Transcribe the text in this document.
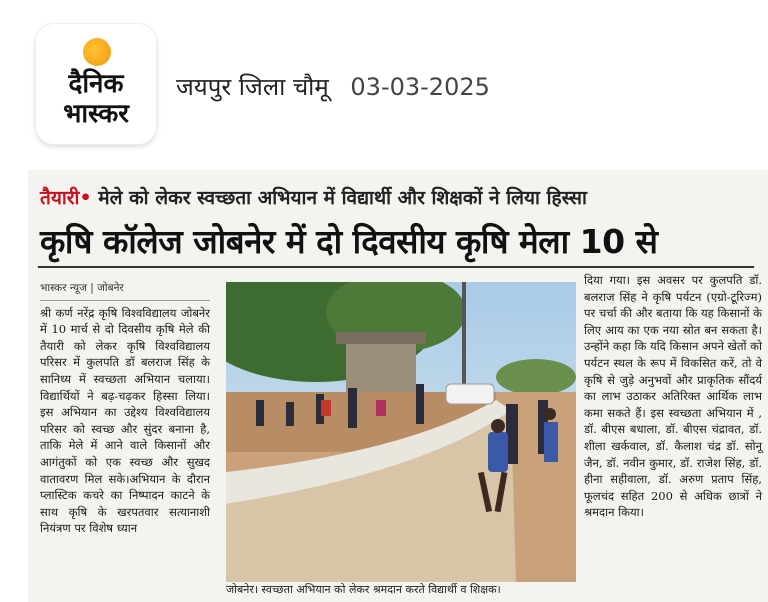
दैनिक
भास्कर
जयपुर जिला चौमू 03-03-2025
तैयारी• मेले को लेकर स्वच्छता अभियान में विद्यार्थी और शिक्षकों ने लिया हिस्सा
कृषि कॉलेज जोबनेर में दो दिवसीय कृषि मेला 10 से
भास्कर न्यूज | जोबनेर
श्री कर्ण नरेंद्र कृषि विश्वविद्यालय जोबनेर में 10 मार्च से दो दिवसीय कृषि मेले की तैयारी को लेकर कृषि विश्वविद्यालय परिसर में कुलपति डॉ बलराज सिंह के सानिध्य में स्वच्छता अभियान चलाया। विद्यार्थियों ने बढ़-चढ़कर हिस्सा लिया। इस अभियान का उद्देश्य विश्वविद्यालय परिसर को स्वच्छ और सुंदर बनाना है, ताकि मेले में आने वाले किसानों और आगंतुकों को एक स्वच्छ और सुखद वातावरण मिल सके।अभियान के दौरान प्लास्टिक कचरे का निष्पादन काटने के साथ कृषि के खरपतवार सत्यानाशी नियंत्रण पर विशेष ध्यान
जोबनेर। स्वच्छता अभियान को लेकर श्रमदान करते विद्यार्थी व शिक्षक।
दिया गया। इस अवसर पर कुलपति डॉ. बलराज सिंह ने कृषि पर्यटन (एग्रो-टूरिज्म) पर चर्चा की और बताया कि यह किसानों के लिए आय का एक नया स्रोत बन सकता है। उन्होंने कहा कि यदि किसान अपने खेतों को पर्यटन स्थल के रूप में विकसित करें, तो वे कृषि से जुड़े अनुभवों और प्राकृतिक सौंदर्य का लाभ उठाकर अतिरिक्त आर्थिक लाभ कमा सकते हैं। इस स्वच्छता अभियान में , डॉ. बीएस बधाला, डॉ. बीएस चंद्रावत, डॉ. शीला खर्कवाल, डॉ. कैलाश चंद्र डॉ. सोनू जैन, डॉ. नवीन कुमार, डॉ. राजेश सिंह, डॉ. हीना सहीवाला, डॉ. अरुण प्रताप सिंह, फूलचंद सहित 200 से अधिक छात्रों ने श्रमदान किया।
